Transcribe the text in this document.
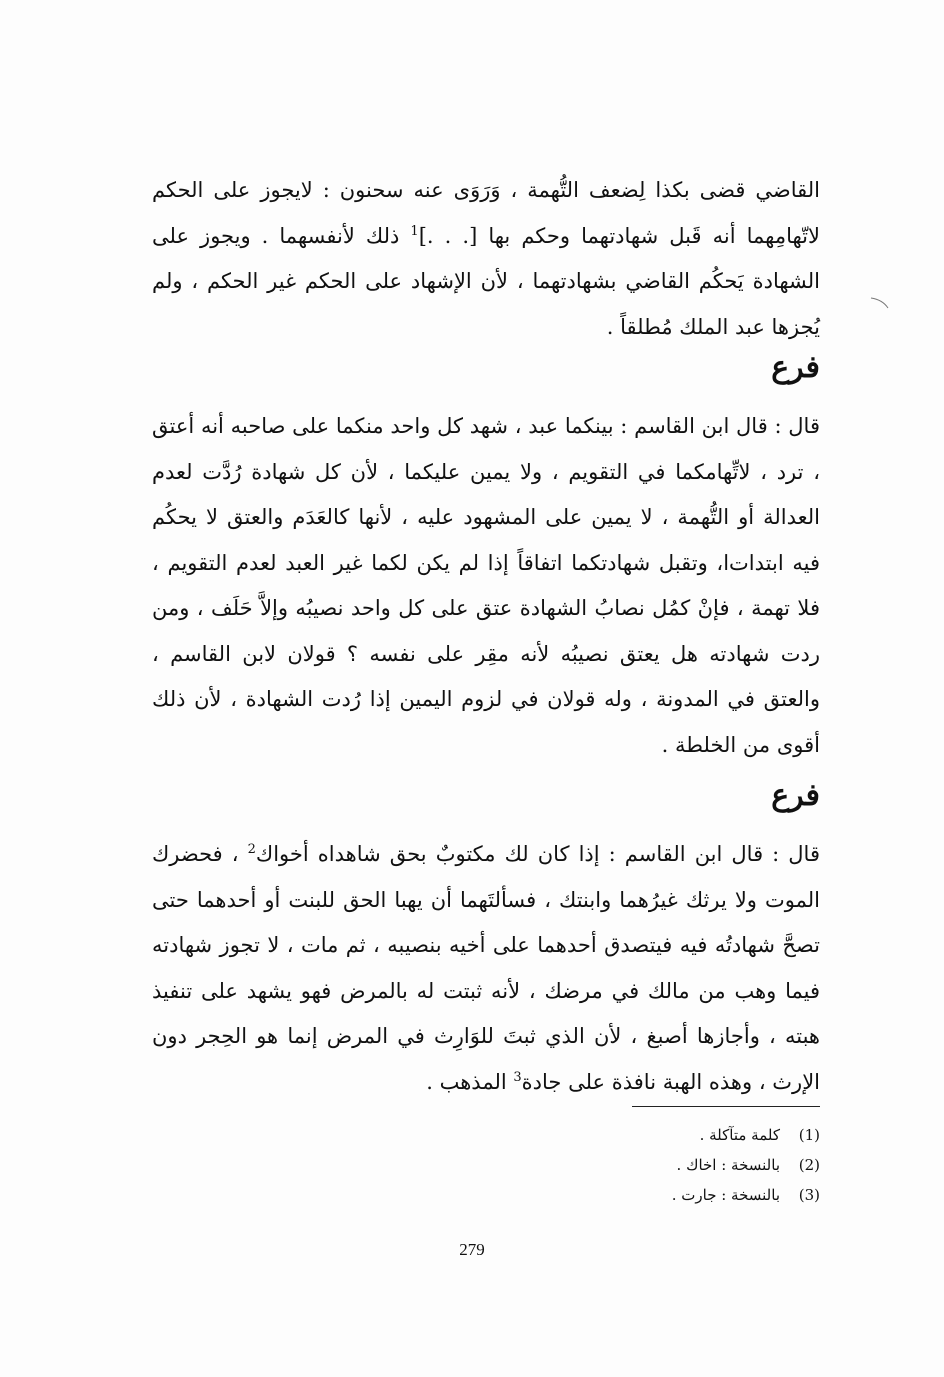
القاضي قضى بكذا لِضعف التُّهمة ، وَرَوَى عنه سحنون : لايجوز على الحكم لاتّهامِهما أنه قَبل شهادتهما وحكم بها [. . .]$^1$ ذلك لأنفسهما . ويجوز على الشهادة يَحكُم القاضي بشهادتهما ، لأن الإشهاد على الحكم غير الحكم ، ولم يُجزها عبد الملك مُطلقاً .
فرع
قال : قال ابن القاسم : بينكما عبد ، شهد كل واحد منكما على صاحبه أنه أعتق ، ترد ، لاتِّهامكما في التقويم ، ولا يمين عليكما ، لأن كل شهادة رُدَّت لعدم العدالة أو التُّهمة ، لا يمين على المشهود عليه ، لأنها كالعَدَم والعتق لا يحكُم فيه ابتدات‌ا، وتقبل شهادتكما اتفاقاً إذا لم يكن لكما غير العبد لعدم التقويم ، فلا تهمة ، فإنْ كمُل نصابُ الشهادة عتق على كل واحد نصيبُه وإلاَّ حَلَف ، ومن ردت شهادته هل يعتق نصيبُه لأنه مقِر على نفسه ؟ قولان لابن القاسم ، والعتق في المدونة ، وله قولان في لزوم اليمين إذا رُدت الشهادة ، لأن ذلك أقوى من الخلطة .
فرع
قال : قال ابن القاسم : إذا كان لك مكتوبٌ بحق شاهداه أخواك$^2$ ، فحضرك الموت ولا يرثك غيرُهما وابنتك ، فسألتَهما أن يهبا الحق للبنت أو أحدهما حتى تصحَّ شهادتُه فيه فيتصدق أحدهما على أخيه بنصيبه ، ثم مات ، لا تجوز شهادته فيما وهب من مالك في مرضك ، لأنه ثبتت له بالمرض فهو يشهد على تنفيذ هبته ، وأجازها أصبغ ، لأن الذي ثبتَ للوَارِث في المرض إنما هو الحِجر دون الإرث ، وهذه الهبة نافذة على جادة$^3$ المذهب .
(1)
كلمة متآكلة .
(2)
بالنسخة : اخاك .
(3)
بالنسخة : جارت .
279
